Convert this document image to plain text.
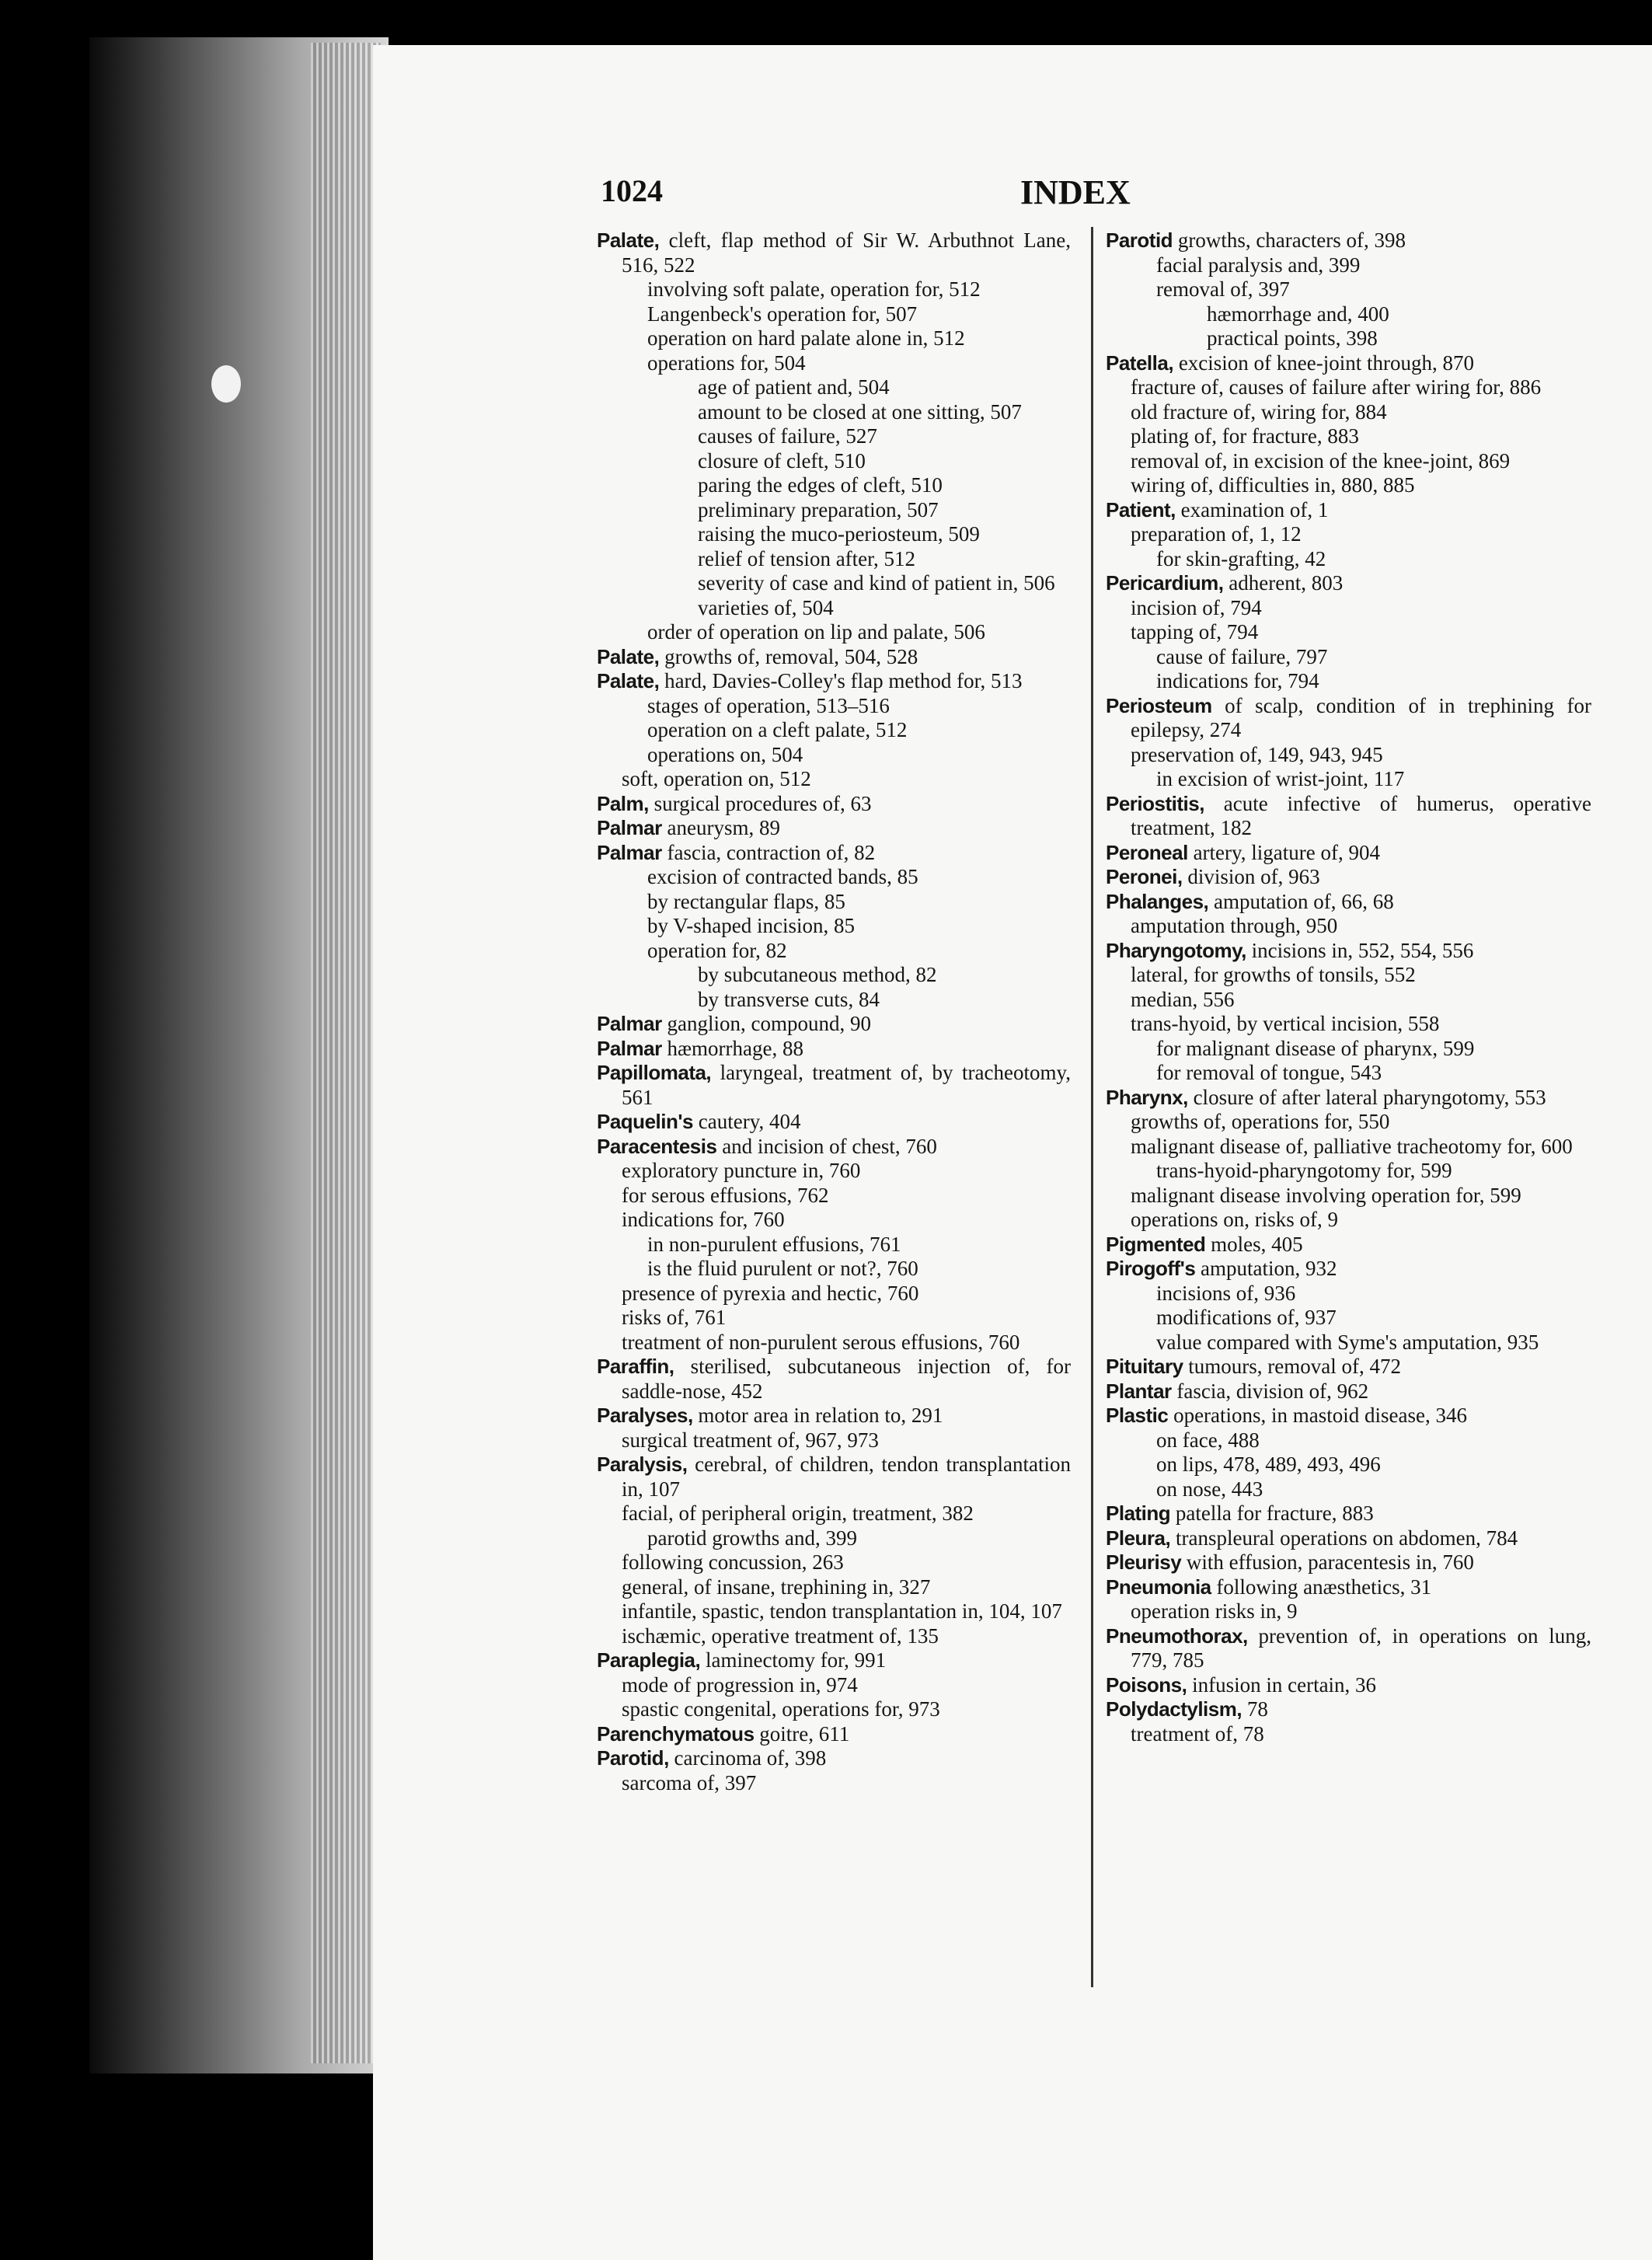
1024	INDEX
Palate, cleft, flap method of Sir W. Arbuthnot Lane, 516, 522
involving soft palate, operation for, 512
Langenbeck's operation for, 507
operation on hard palate alone in, 512
operations for, 504
age of patient and, 504
amount to be closed at one sitting, 507
causes of failure, 527
closure of cleft, 510
paring the edges of cleft, 510
preliminary preparation, 507
raising the muco-periosteum, 509
relief of tension after, 512
severity of case and kind of patient in, 506
varieties of, 504
order of operation on lip and palate, 506
Palate, growths of, removal, 504, 528
Palate, hard, Davies-Colley's flap method for, 513
stages of operation, 513–516
operation on a cleft palate, 512
operations on, 504
soft, operation on, 512
Palm, surgical procedures of, 63
Palmar aneurysm, 89
Palmar fascia, contraction of, 82
excision of contracted bands, 85
by rectangular flaps, 85
by V-shaped incision, 85
operation for, 82
by subcutaneous method, 82
by transverse cuts, 84
Palmar ganglion, compound, 90
Palmar hæmorrhage, 88
Papillomata, laryngeal, treatment of, by tracheotomy, 561
Paquelin's cautery, 404
Paracentesis and incision of chest, 760
exploratory puncture in, 760
for serous effusions, 762
indications for, 760
in non-purulent effusions, 761
is the fluid purulent or not?, 760
presence of pyrexia and hectic, 760
risks of, 761
treatment of non-purulent serous effusions, 760
Paraffin, sterilised, subcutaneous injection of, for saddle-nose, 452
Paralyses, motor area in relation to, 291
surgical treatment of, 967, 973
Paralysis, cerebral, of children, tendon transplantation in, 107
facial, of peripheral origin, treatment, 382
parotid growths and, 399
following concussion, 263
general, of insane, trephining in, 327
infantile, spastic, tendon transplantation in, 104, 107
ischæmic, operative treatment of, 135
Paraplegia, laminectomy for, 991
mode of progression in, 974
spastic congenital, operations for, 973
Parenchymatous goitre, 611
Parotid, carcinoma of, 398
sarcoma of, 397
Parotid growths, characters of, 398
facial paralysis and, 399
removal of, 397
hæmorrhage and, 400
practical points, 398
Patella, excision of knee-joint through, 870
fracture of, causes of failure after wiring for, 886
old fracture of, wiring for, 884
plating of, for fracture, 883
removal of, in excision of the knee-joint, 869
wiring of, difficulties in, 880, 885
Patient, examination of, 1
preparation of, 1, 12
for skin-grafting, 42
Pericardium, adherent, 803
incision of, 794
tapping of, 794
cause of failure, 797
indications for, 794
Periosteum of scalp, condition of in trephining for epilepsy, 274
preservation of, 149, 943, 945
in excision of wrist-joint, 117
Periostitis, acute infective of humerus, operative treatment, 182
Peroneal artery, ligature of, 904
Peronei, division of, 963
Phalanges, amputation of, 66, 68
amputation through, 950
Pharyngotomy, incisions in, 552, 554, 556
lateral, for growths of tonsils, 552
median, 556
trans-hyoid, by vertical incision, 558
for malignant disease of pharynx, 599
for removal of tongue, 543
Pharynx, closure of after lateral pharyngotomy, 553
growths of, operations for, 550
malignant disease of, palliative tracheotomy for, 600
trans-hyoid-pharyngotomy for, 599
malignant disease involving operation for, 599
operations on, risks of, 9
Pigmented moles, 405
Pirogoff's amputation, 932
incisions of, 936
modifications of, 937
value compared with Syme's amputation, 935
Pituitary tumours, removal of, 472
Plantar fascia, division of, 962
Plastic operations, in mastoid disease, 346
on face, 488
on lips, 478, 489, 493, 496
on nose, 443
Plating patella for fracture, 883
Pleura, transpleural operations on abdomen, 784
Pleurisy with effusion, paracentesis in, 760
Pneumonia following anæsthetics, 31
operation risks in, 9
Pneumothorax, prevention of, in operations on lung, 779, 785
Poisons, infusion in certain, 36
Polydactylism, 78
treatment of, 78
